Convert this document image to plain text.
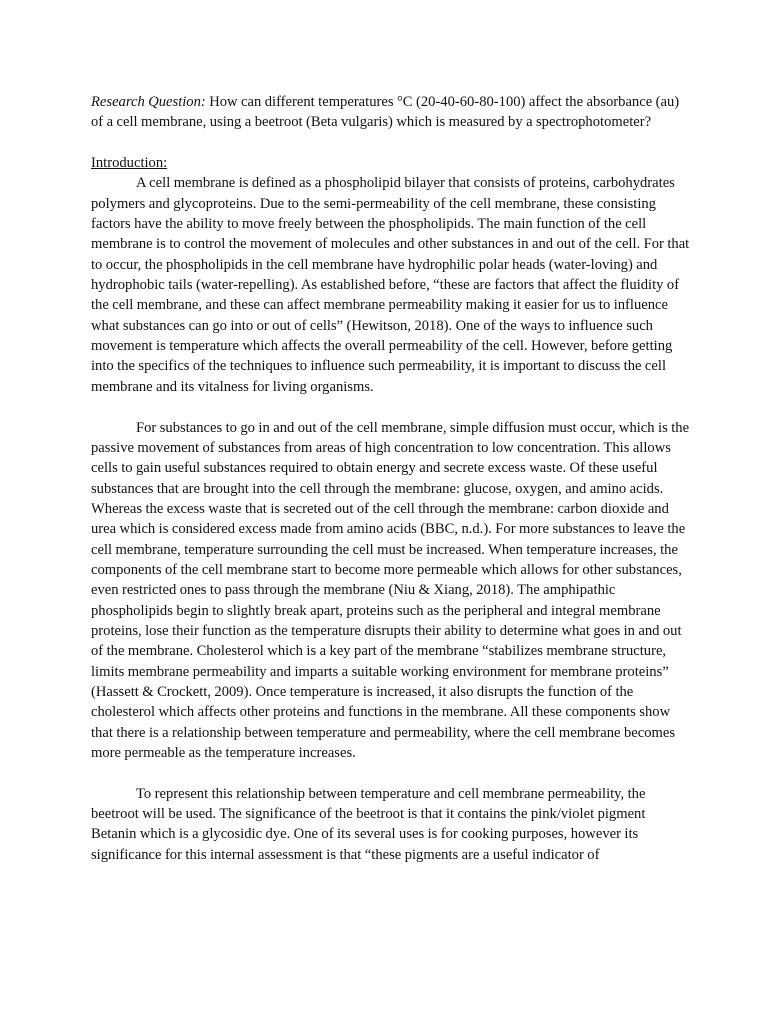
Research Question: How can different temperatures °C (20-40-60-80-100) affect the absorbance (au) of a cell membrane, using a beetroot (Beta vulgaris) which is measured by a spectrophotometer?

Introduction:

A cell membrane is defined as a phospholipid bilayer that consists of proteins, carbohydrates polymers and glycoproteins. Due to the semi-permeability of the cell membrane, these consisting factors have the ability to move freely between the phospholipids. The main function of the cell membrane is to control the movement of molecules and other substances in and out of the cell. For that to occur, the phospholipids in the cell membrane have hydrophilic polar heads (water-loving) and hydrophobic tails (water-repelling). As established before, “these are factors that affect the fluidity of the cell membrane, and these can affect membrane permeability making it easier for us to influence what substances can go into or out of cells” (Hewitson, 2018). One of the ways to influence such movement is temperature which affects the overall permeability of the cell. However, before getting into the specifics of the techniques to influence such permeability, it is important to discuss the cell membrane and its vitalness for living organisms.

For substances to go in and out of the cell membrane, simple diffusion must occur, which is the passive movement of substances from areas of high concentration to low concentration. This allows cells to gain useful substances required to obtain energy and secrete excess waste. Of these useful substances that are brought into the cell through the membrane: glucose, oxygen, and amino acids. Whereas the excess waste that is secreted out of the cell through the membrane: carbon dioxide and urea which is considered excess made from amino acids (BBC, n.d.). For more substances to leave the cell membrane, temperature surrounding the cell must be increased. When temperature increases, the components of the cell membrane start to become more permeable which allows for other substances, even restricted ones to pass through the membrane (Niu & Xiang, 2018). The amphipathic phospholipids begin to slightly break apart, proteins such as the peripheral and integral membrane proteins, lose their function as the temperature disrupts their ability to determine what goes in and out of the membrane. Cholesterol which is a key part of the membrane “stabilizes membrane structure, limits membrane permeability and imparts a suitable working environment for membrane proteins” (Hassett & Crockett, 2009). Once temperature is increased, it also disrupts the function of the cholesterol which affects other proteins and functions in the membrane. All these components show that there is a relationship between temperature and permeability, where the cell membrane becomes more permeable as the temperature increases.

To represent this relationship between temperature and cell membrane permeability, the beetroot will be used. The significance of the beetroot is that it contains the pink/violet pigment Betanin which is a glycosidic dye. One of its several uses is for cooking purposes, however its significance for this internal assessment is that “these pigments are a useful indicator of
